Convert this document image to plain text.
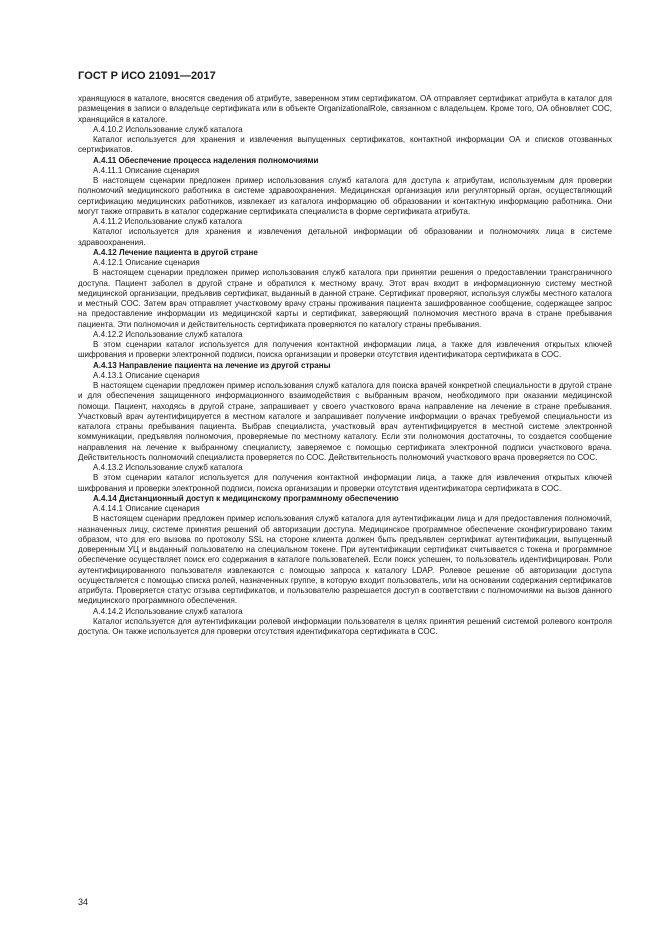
ГОСТ Р ИСО 21091—2017

хранящуюся в каталоге, вносятся сведения об атрибуте, заверенном этим сертификатом. ОА отправляет сертификат атрибута в каталог для размещения в записи о владельце сертификата или в объекте OrganizationalRole, связанном с владельцем. Кроме того, ОА обновляет СОС, хранящийся в каталоге.

А.4.10.2 Использование служб каталога

Каталог используется для хранения и извлечения выпущенных сертификатов, контактной информации ОА и списков отозванных сертификатов.

А.4.11 Обеспечение процесса наделения полномочиями

А.4.11.1 Описание сценария

В настоящем сценарии предложен пример использования служб каталога для доступа к атрибутам, используемым для проверки полномочий медицинского работника в системе здравоохранения. Медицинская организация или регуляторный орган, осуществляющий сертификацию медицинских работников, извлекает из каталога информацию об образовании и контактную информацию работника. Они могут также отправить в каталог содержание сертификата специалиста в форме сертификата атрибута.

А.4.11.2 Использование служб каталога

Каталог используется для хранения и извлечения детальной информации об образовании и полномочиях лица в системе здравоохранения.

А.4.12 Лечение пациента в другой стране

А.4.12.1 Описание сценария

В настоящем сценарии предложен пример использования служб каталога при принятии решения о предоставлении трансграничного доступа. Пациент заболел в другой стране и обратился к местному врачу. Этот врач входит в информационную систему местной медицинской организации, предъявив сертификат, выданный в данной стране. Сертификат проверяют, используя службы местного каталога и местный СОС. Затем врач отправляет участковому врачу страны проживания пациента зашифрованное сообщение, содержащее запрос на предоставление информации из медицинской карты и сертификат, заверяющий полномочия местного врача в стране пребывания пациента. Эти полномочия и действительность сертификата проверяются по каталогу страны пребывания.

А.4.12.2 Использование служб каталога

В этом сценарии каталог используется для получения контактной информации лица, а также для извлечения открытых ключей шифрования и проверки электронной подписи, поиска организации и проверки отсутствия идентификатора сертификата в СОС.

А.4.13 Направление пациента на лечение из другой страны

А.4.13.1 Описание сценария

В настоящем сценарии предложен пример использования служб каталога для поиска врачей конкретной специальности в другой стране и для обеспечения защищенного информационного взаимодействия с выбранным врачом, необходимого при оказании медицинской помощи. Пациент, находясь в другой стране, запрашивает у своего участкового врача направление на лечение в стране пребывания. Участковый врач аутентифицируется в местном каталоге и запрашивает получение информации о врачах требуемой специальности из каталога страны пребывания пациента. Выбрав специалиста, участковый врач аутентифицируется в местной системе электронной коммуникации, предъявляя полномочия, проверяемые по местному каталогу. Если эти полномочия достаточны, то создается сообщение направления на лечение к выбранному специалисту, заверяемое с помощью сертификата электронной подписи участкового врача. Действительность полномочий специалиста проверяется по СОС. Действительность полномочий участкового врача проверяется по СОС.

А.4.13.2 Использование служб каталога

В этом сценарии каталог используется для получения контактной информации лица, а также для извлечения открытых ключей шифрования и проверки электронной подписи, поиска организации и проверки отсутствия идентификатора сертификата в СОС.

А.4.14 Дистанционный доступ к медицинскому программному обеспечению

А.4.14.1 Описание сценария

В настоящем сценарии предложен пример использования служб каталога для аутентификации лица и для предоставления полномочий, назначенных лицу, системе принятия решений об авторизации доступа. Медицинское программное обеспечение сконфигурировано таким образом, что для его вызова по протоколу SSL на стороне клиента должен быть предъявлен сертификат аутентификации, выпущенный доверенным УЦ и выданный пользователю на специальном токене. При аутентификации сертификат считывается с токена и программное обеспечение осуществляет поиск его содержания в каталоге пользователей. Если поиск успешен, то пользователь идентифицирован. Роли аутентифицированного пользователя извлекаются с помощью запроса к каталогу LDAP. Ролевое решение об авторизации доступа осуществляется с помощью списка ролей, назначенных группе, в которую входит пользователь, или на основании содержания сертификатов атрибута. Проверяется статус отзыва сертификатов, и пользователю разрешается доступ в соответствии с полномочиями на вызов данного медицинского программного обеспечения.

А.4.14.2 Использование служб каталога

Каталог используется для аутентификации ролевой информации пользователя в целях принятия решений системой ролевого контроля доступа. Он также используется для проверки отсутствия идентификатора сертификата в СОС.

34
